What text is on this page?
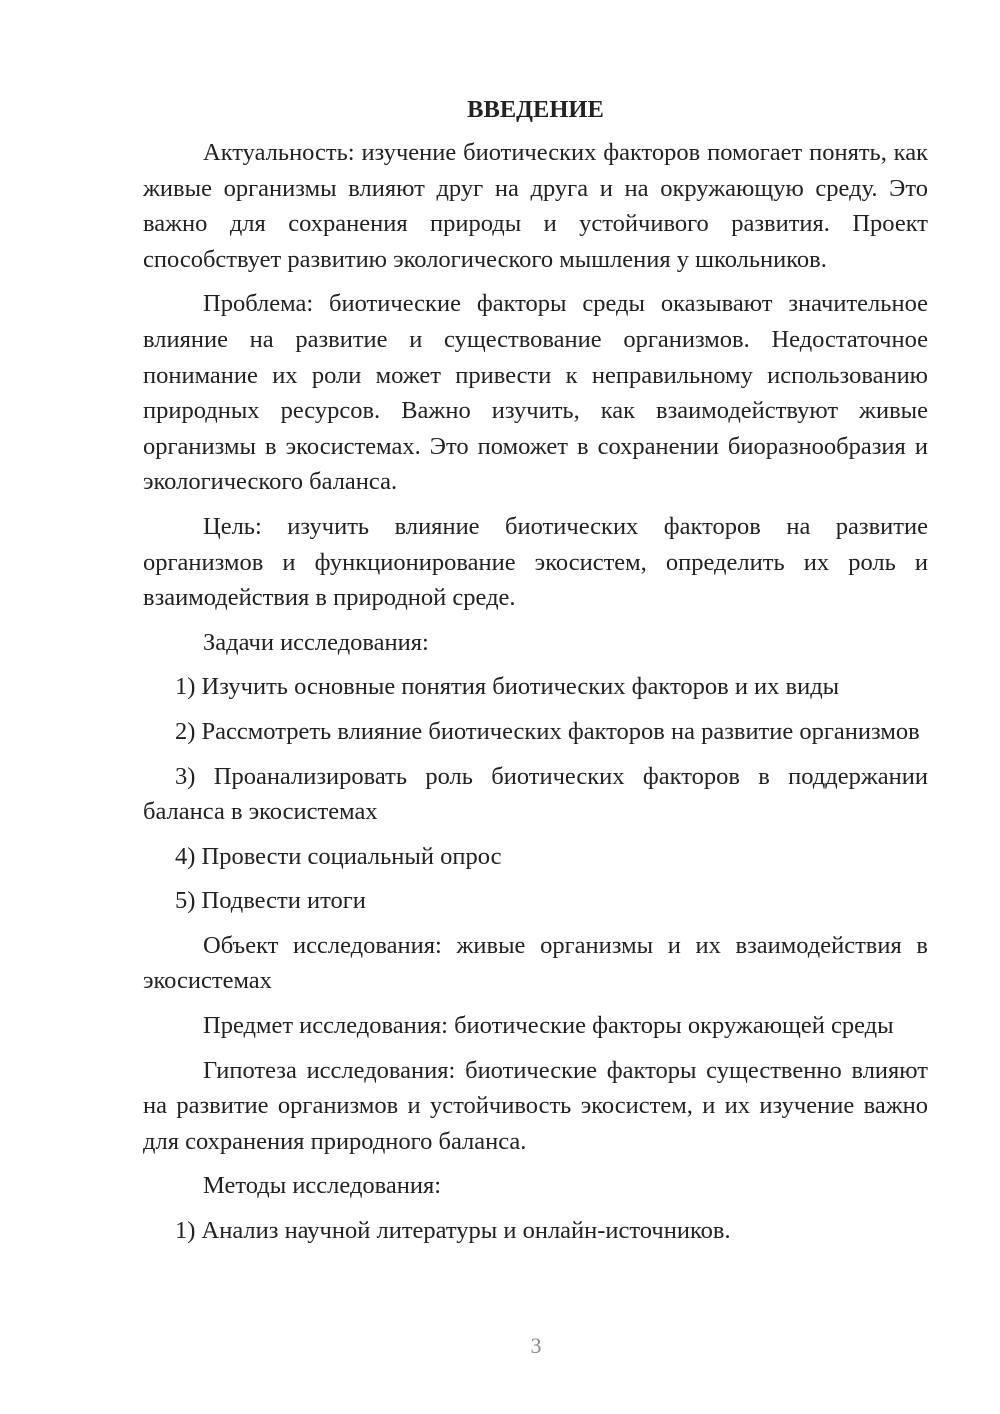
ВВЕДЕНИЕ

Актуальность: изучение биотических факторов помогает понять, как живые организмы влияют друг на друга и на окружающую среду. Это важно для сохранения природы и устойчивого развития. Проект способствует развитию экологического мышления у школьников.

Проблема: биотические факторы среды оказывают значительное влияние на развитие и существование организмов. Недостаточное понимание их роли может привести к неправильному использованию природных ресурсов. Важно изучить, как взаимодействуют живые организмы в экосистемах. Это поможет в сохранении биоразнообразия и экологического баланса.

Цель: изучить влияние биотических факторов на развитие организмов и функционирование экосистем, определить их роль и взаимодействия в природной среде.

Задачи исследования:

1) Изучить основные понятия биотических факторов и их виды

2) Рассмотреть влияние биотических факторов на развитие организмов

3) Проанализировать роль биотических факторов в поддержании баланса в экосистемах

4) Провести социальный опрос

5) Подвести итоги

Объект исследования: живые организмы и их взаимодействия в экосистемах

Предмет исследования: биотические факторы окружающей среды

Гипотеза исследования: биотические факторы существенно влияют на развитие организмов и устойчивость экосистем, и их изучение важно для сохранения природного баланса.

Методы исследования:

1) Анализ научной литературы и онлайн-источников.

3
